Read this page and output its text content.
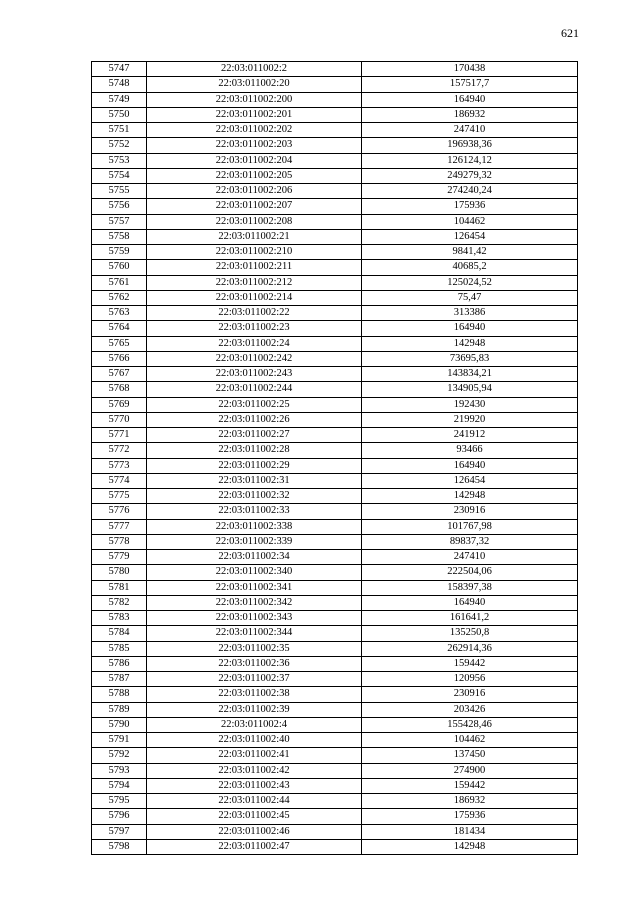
621
5747	22:03:011002:2	170438
5748	22:03:011002:20	157517,7
5749	22:03:011002:200	164940
5750	22:03:011002:201	186932
5751	22:03:011002:202	247410
5752	22:03:011002:203	196938,36
5753	22:03:011002:204	126124,12
5754	22:03:011002:205	249279,32
5755	22:03:011002:206	274240,24
5756	22:03:011002:207	175936
5757	22:03:011002:208	104462
5758	22:03:011002:21	126454
5759	22:03:011002:210	9841,42
5760	22:03:011002:211	40685,2
5761	22:03:011002:212	125024,52
5762	22:03:011002:214	75,47
5763	22:03:011002:22	313386
5764	22:03:011002:23	164940
5765	22:03:011002:24	142948
5766	22:03:011002:242	73695,83
5767	22:03:011002:243	143834,21
5768	22:03:011002:244	134905,94
5769	22:03:011002:25	192430
5770	22:03:011002:26	219920
5771	22:03:011002:27	241912
5772	22:03:011002:28	93466
5773	22:03:011002:29	164940
5774	22:03:011002:31	126454
5775	22:03:011002:32	142948
5776	22:03:011002:33	230916
5777	22:03:011002:338	101767,98
5778	22:03:011002:339	89837,32
5779	22:03:011002:34	247410
5780	22:03:011002:340	222504,06
5781	22:03:011002:341	158397,38
5782	22:03:011002:342	164940
5783	22:03:011002:343	161641,2
5784	22:03:011002:344	135250,8
5785	22:03:011002:35	262914,36
5786	22:03:011002:36	159442
5787	22:03:011002:37	120956
5788	22:03:011002:38	230916
5789	22:03:011002:39	203426
5790	22:03:011002:4	155428,46
5791	22:03:011002:40	104462
5792	22:03:011002:41	137450
5793	22:03:011002:42	274900
5794	22:03:011002:43	159442
5795	22:03:011002:44	186932
5796	22:03:011002:45	175936
5797	22:03:011002:46	181434
5798	22:03:011002:47	142948
